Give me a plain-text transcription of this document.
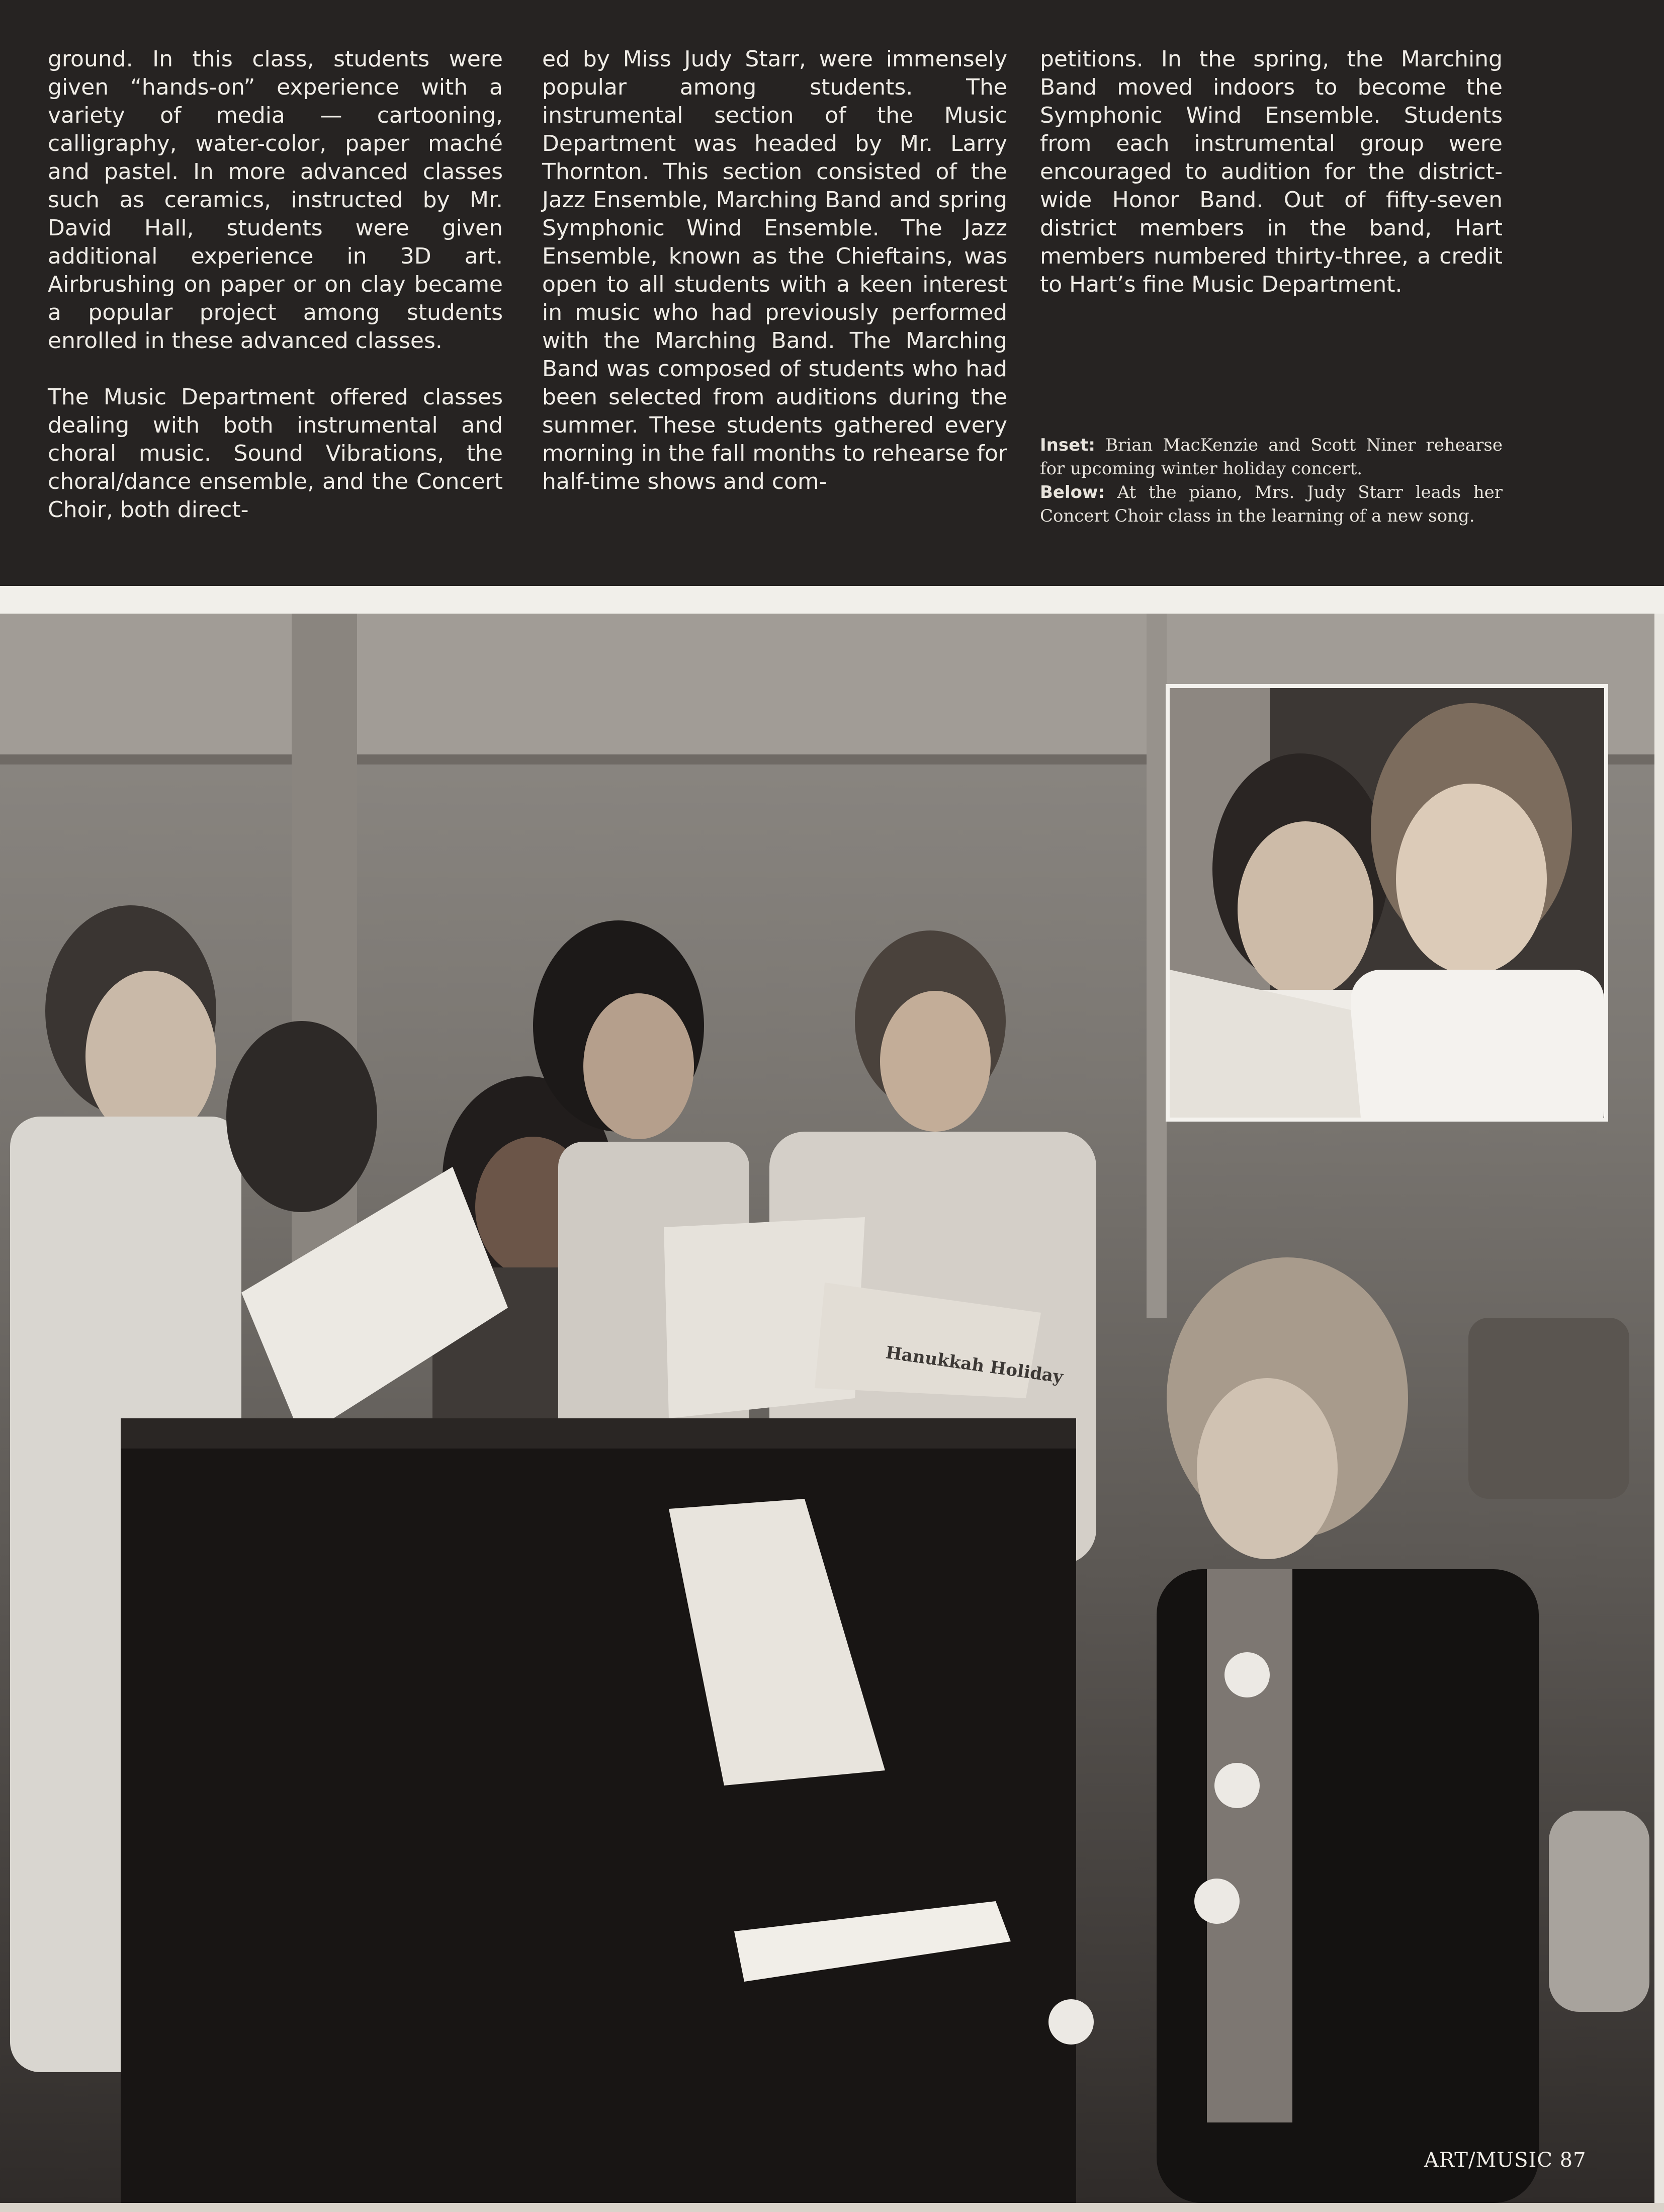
ground. In this class, students were given “hands-on” experience with a variety of media — cartooning, calligraphy, water-color, paper maché and pastel. In more advanced classes such as ceramics, instructed by Mr. David Hall, students were given additional experience in 3D art. Airbrushing on paper or on clay became a popular project among students enrolled in these advanced classes.

The Music Department offered classes dealing with both instrumental and choral music. Sound Vibrations, the choral/dance ensemble, and the Concert Choir, both direct-

ed by Miss Judy Starr, were immensely popular among students. The instrumental section of the Music Department was headed by Mr. Larry Thornton. This section consisted of the Jazz Ensemble, Marching Band and spring Symphonic Wind Ensemble. The Jazz Ensemble, known as the Chieftains, was open to all students with a keen interest in music who had previously performed with the Marching Band. The Marching Band was composed of students who had been selected from auditions during the summer. These students gathered every morning in the fall months to rehearse for half-time shows and com-

petitions. In the spring, the Marching Band moved indoors to become the Symphonic Wind Ensemble. Students from each instrumental group were encouraged to audition for the district-wide Honor Band. Out of fifty-seven district members in the band, Hart members numbered thirty-three, a credit to Hart’s fine Music Department.

Inset: Brian MacKenzie and Scott Niner rehearse for upcoming winter holiday concert.
Below: At the piano, Mrs. Judy Starr leads her Concert Choir class in the learning of a new song.
Hanukkah Holiday
ART/MUSIC 87
